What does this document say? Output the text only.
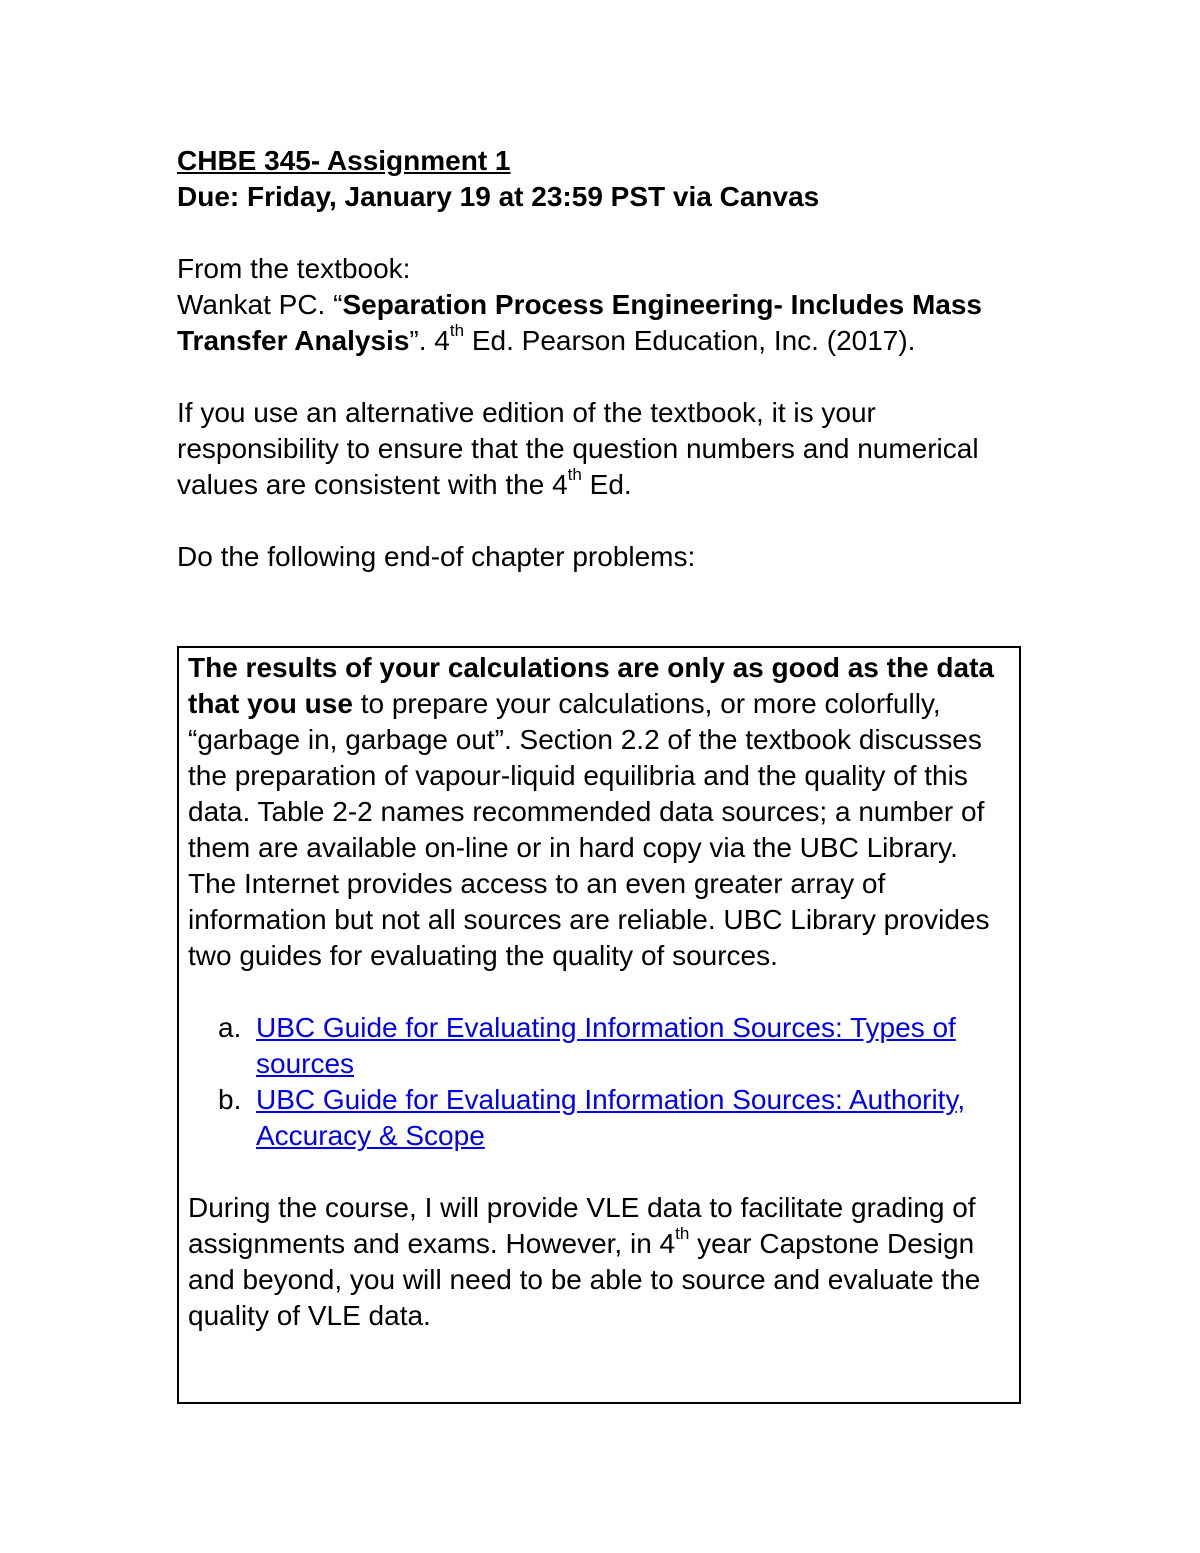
CHBE 345- Assignment 1

Due: Friday, January 19 at 23:59 PST via Canvas

From the textbook:

Wankat PC. “Separation Process Engineering- Includes Mass Transfer Analysis”. 4th Ed. Pearson Education, Inc. (2017).

If you use an alternative edition of the textbook, it is your responsibility to ensure that the question numbers and numerical values are consistent with the 4th Ed.

Do the following end-of chapter problems:

The results of your calculations are only as good as the data that you use to prepare your calculations, or more colorfully, “garbage in, garbage out”. Section 2.2 of the textbook discusses the preparation of vapour-liquid equilibria and the quality of this data. Table 2-2 names recommended data sources; a number of them are available on-line or in hard copy via the UBC Library. The Internet provides access to an even greater array of information but not all sources are reliable. UBC Library provides two guides for evaluating the quality of sources.

a. UBC Guide for Evaluating Information Sources: Types of sources
b. UBC Guide for Evaluating Information Sources: Authority, Accuracy & Scope

During the course, I will provide VLE data to facilitate grading of assignments and exams. However, in 4th year Capstone Design and beyond, you will need to be able to source and evaluate the quality of VLE data.
